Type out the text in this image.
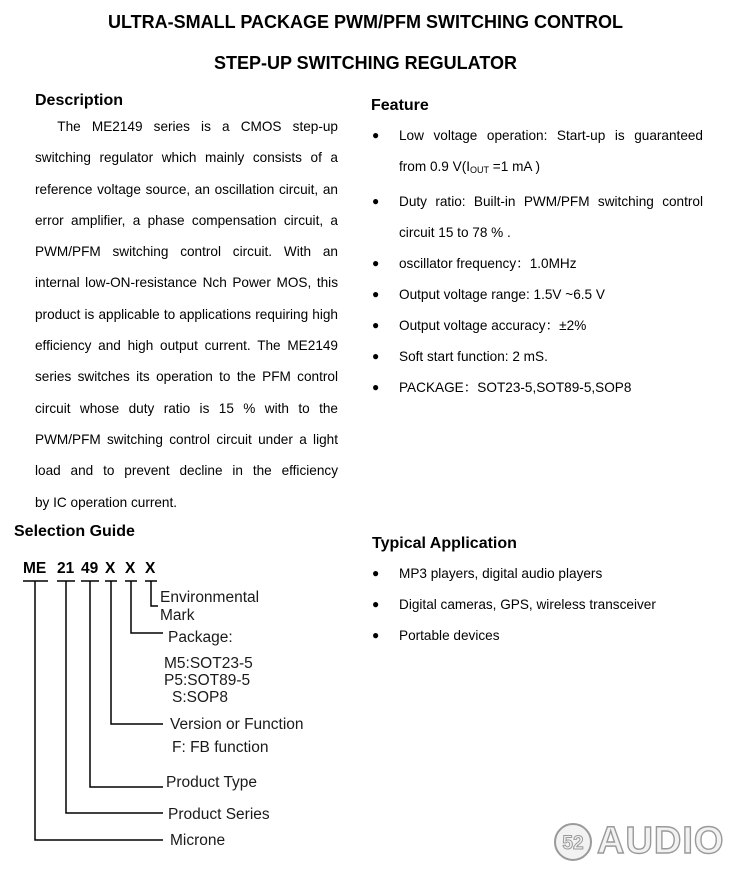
ULTRA-SMALL PACKAGE PWM/PFM SWITCHING CONTROL
STEP-UP SWITCHING REGULATOR
Description

The ME2149 series is a CMOS step-up switching regulator which mainly consists of a reference voltage source, an oscillation circuit, an error amplifier, a phase compensation circuit, a PWM/PFM switching control circuit. With an internal low-ON-resistance Nch Power MOS, this product is applicable to applications requiring high efficiency and high output current. The ME2149 series switches its operation to the PFM control circuit whose duty ratio is 15 % with to the PWM/PFM switching control circuit under a light load and to prevent decline in the efficiency

by IC operation current.

Feature
● Low voltage operation: Start-up is guaranteed from 0.9 $V(I_{OUT} =1$ mA )
● Duty ratio: Built-in PWM/PFM switching control circuit 15 to 78 % .
● oscillator frequency：1.0MHz
● Output voltage range: 1.5V ~6.5 V
● Output voltage accuracy：±2%
● Soft start function: 2 mS.
● PACKAGE：SOT23-5,SOT89-5,SOP8
Selection Guide
ME 21 49 X X X
Environmental
Mark
Package:
M5:SOT23-5
P5:SOT89-5
S:SOP8
Version or Function
F: FB function
Product Type
Product Series
Microne
Typical Application
● MP3 players, digital audio players
● Digital cameras, GPS, wireless transceiver
● Portable devices
52 AUDIO
